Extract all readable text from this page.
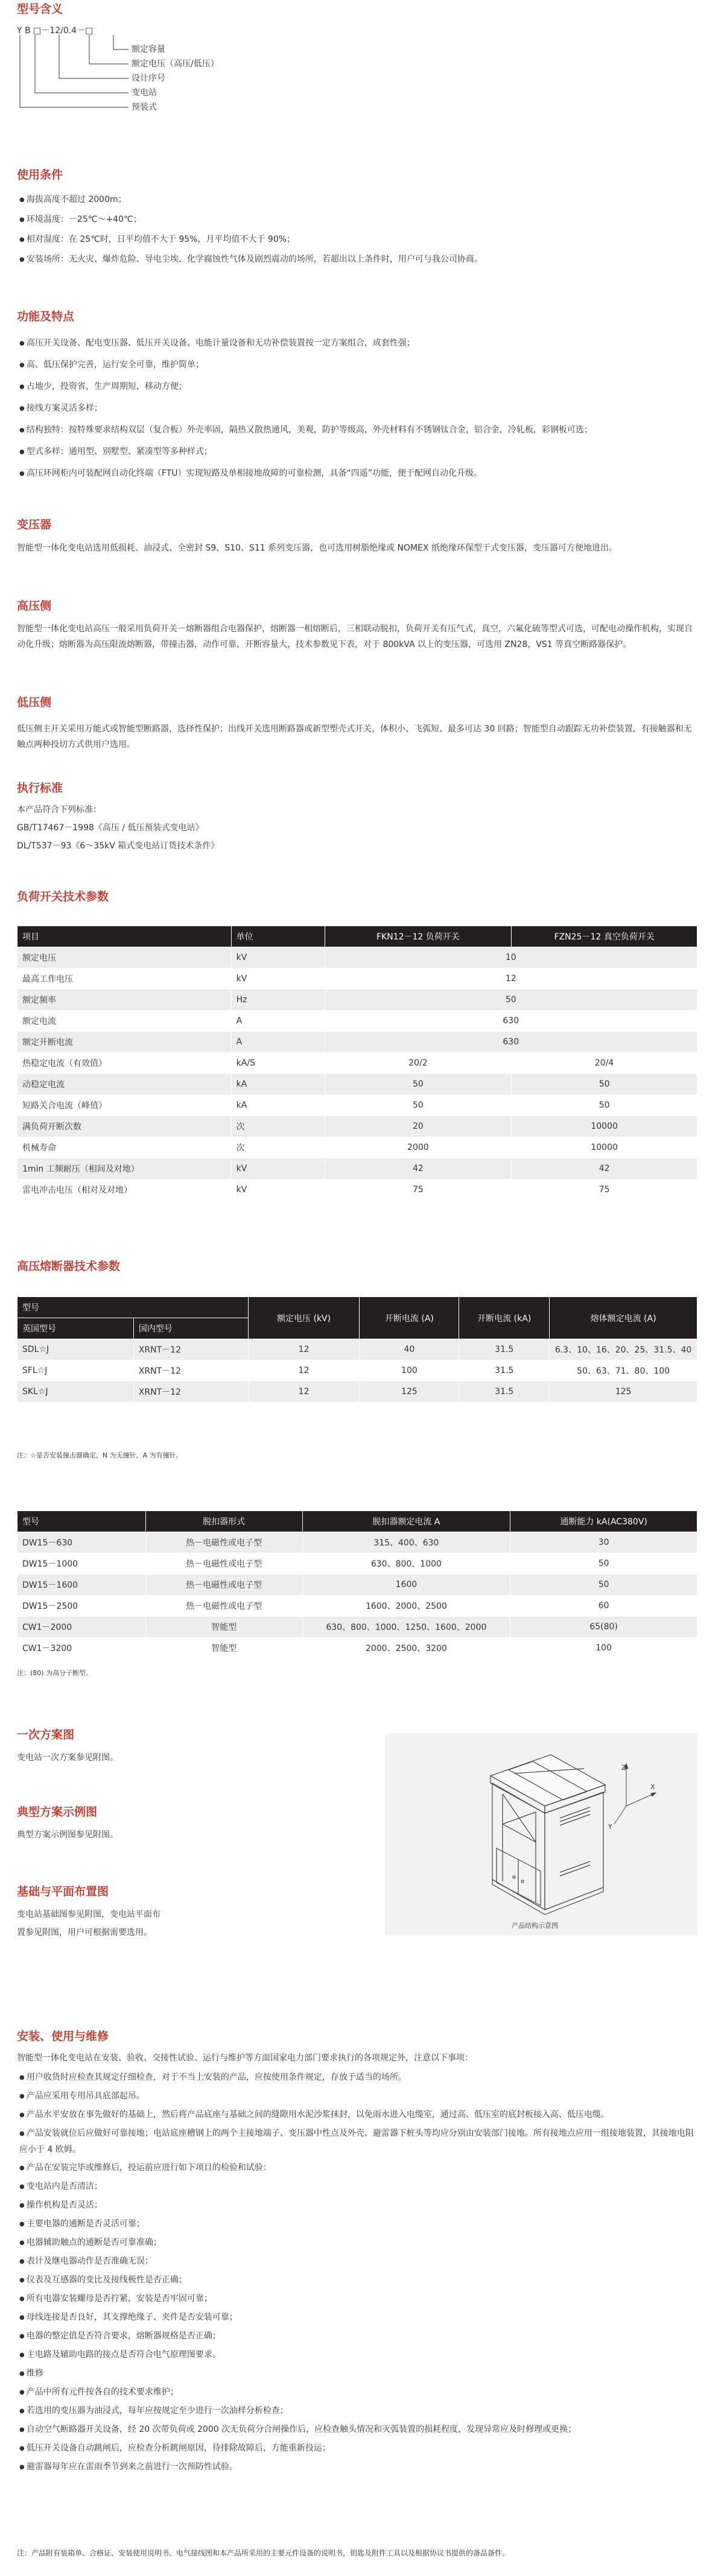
型号含义
Y B □－12/0.4－□
额定容量
额定电压（高压/低压）
设计序号
变电站
预装式
使用条件
● 海拔高度不超过 2000m；
● 环境温度：－25℃～+40℃；
● 相对湿度：在 25℃时，日平均值不大于 95%，月平均值不大于 90%；
● 安装场所：无火灾、爆炸危险、导电尘埃、化学腐蚀性气体及剧烈震动的场所，若超出以上条件时，用户可与我公司协商。
功能及特点
● 高压开关设备、配电变压器、低压开关设备、电能计量设备和无功补偿装置按一定方案组合，成套性强；
● 高、低压保护完善，运行安全可靠，维护简单；
● 占地少，投资省，生产周期短，移动方便；
● 接线方案灵活多样；
● 结构独特：按特殊要求结构双层（复合板）外壳率固，隔热又散热通风，美观，防护等级高，外壳材料有不锈钢钛合金，铝合金，冷轧板，彩钢板可选；
● 型式多样：通用型、别墅型、紧凑型等多种样式；
● 高压环网柜内可装配网自动化终端（FTU）实现短路及单相接地故障的可靠检测，具备“四遥”功能，便于配网自动化升级。
变压器
智能型一体化变电站选用低损耗、油浸式、全密封 S9、S10、S11 系列变压器，也可选用树脂绝缘或 NOMEX 纸绝缘环保型干式变压器，变压器可方便地进出。
高压侧
智能型一体化变电站高压一般采用负荷开关－熔断器组合电器保护，熔断器一相熔断后，三相联动脱扣，负荷开关有压气式，真空，六氟化硫等型式可选，可配电动操作机构，实现自动化升级；熔断器为高压限流熔断器，带撞击器，动作可靠，开断容量大，技术参数见下表，对于 800kVA 以上的变压器，可选用 ZN28，VS1 等真空断路器保护。
低压侧
低压侧主开关采用万能式或智能型断路器，选择性保护；出线开关选用断路器或新型塑壳式开关，体积小、飞弧短、最多可达 30 回路；智能型自动跟踪无功补偿装置，有接触器和无触点两种投切方式供用户选用。
执行标准
本产品符合下列标准：
GB/T17467－1998《高压 / 低压预装式变电站》
DL/T537－93《6～35kV 箱式变电站订货技术条件》
负荷开关技术参数
项目	单位	FKN12－12 负荷开关	FZN25－12 真空负荷开关
额定电压	kV	10	
最高工作电压	kV	12	
额定频率	Hz	50	
额定电流	A	630	
额定开断电流	A	630	
热稳定电流（有效值）	kA/S	20/2	20/4
动稳定电流	kA	50	50
短路关合电流（峰值）	kA	50	50
满负荷开断次数	次	20	10000
机械寿命	次	2000	10000
1min 工频耐压（相间及对地）	kV	42	42
雷电冲击电压（相对及对地）	kV	75	75
高压熔断器技术参数
型号		额定电压 (kV)	开断电流 (A)	开断电流 (kA)	熔体额定电流 (A)
英国型号	国内型号				
SDL☆J	XRNT－12	12	40	31.5	6.3、10、16、20、25、31.5、40
SFL☆J	XRNT－12	12	100	31.5	50、63、71、80、100
SKL☆J	XRNT－12	12	125	31.5	125
注：☆是否安装撞击器确定，N 为无撞针，A 为有撞针。
型号	脱扣器形式	脱扣器额定电流 A	通断能力 kA(AC380V)
DW15－630	热－电磁性或电子型	315、400、630	30
DW15－1000	热－电磁性或电子型	630、800、1000	50
DW15－1600	热－电磁性或电子型	1600	50
DW15－2500	热－电磁性或电子型	1600、2000、2500	60
CW1－2000	智能型	630、800、1000、1250、1600、2000	65(80)
CW1－3200	智能型	2000、2500、3200	100
注：(80) 为高分子断型。
一次方案图
变电站一次方案参见附图。
典型方案示例图
典型方案示例图参见附图。
基础与平面布置图
变电站基础图参见附图，变电站平面布
置参见附图，用户可根据需要选用。
Z
X
Y
产品结构示意图
安装、使用与维修
智能型一体化变电站在安装、验收、交接性试验、运行与维护等方面国家电力部门要求执行的各项规定外，注意以下事项：
● 用户收货时应检查其规定仔细检查，对于不当上安装的产品，应按使用条件规定，存放于适当的场所。
● 产品应采用专用吊具底部起吊。
● 产品水平安放在事先做好的基础上，然后将产品底座与基础之间的缝隙用水泥沙浆抹封，以免雨水进入电缆室，通过高、低压室的底封板接入高、低压电缆。
● 产品安装就位后应做好可靠接地；电站底座槽钢上的两个主接地端子、变压器中性点及外壳、避雷器下桩头等均应分别由安装部门接地。所有接地点应用一组接地装置，其接地电阻应小于 4 欧姆。
● 产品在安装完毕或维修后，投运前应进行如下项目的检验和试验：
● 变电站内是否清洁；
● 操作机构是否灵活；
● 主要电器的通断是否灵活可靠；
● 电器辅助触点的通断是否可靠准确；
● 表计及继电器动作是否准确无误；
● 仪表及互感器的变比及接线极性是否正确；
● 所有电器安装螺母是否拧紧，安装是否牢固可靠；
● 母线连接是否良好，其支撑绝缘子、夹件是否安装可靠；
● 电器的整定值是否符合要求，熔断器规格是否正确；
● 主电路及辅助电路的接点是否符合电气原理图要求。
● 维修
● 产品中所有元件按各自的技术要求维护；
● 若选用的变压器为油浸式，每年应按规定至少进行一次油样分析检查；
● 自动空气断路器开关设备，经 20 次带负荷或 2000 次无负荷分合闸操作后，应检查触头情况和灭弧装置的损耗程度，发现异常应及时修理或更换；
● 低压开关设备自动跳闸后，应检查分析跳闸原因，待排除故障后，方能重新投运；
● 避雷器每年应在雷雨季节到来之前进行一次预防性试验。
注：产品附有装箱单、合格证、安装使用说明书、电气接线图和本产品所采用的主要元件设备的说明书，钥匙及附件工具以及根据协议书提供的备品备件。
